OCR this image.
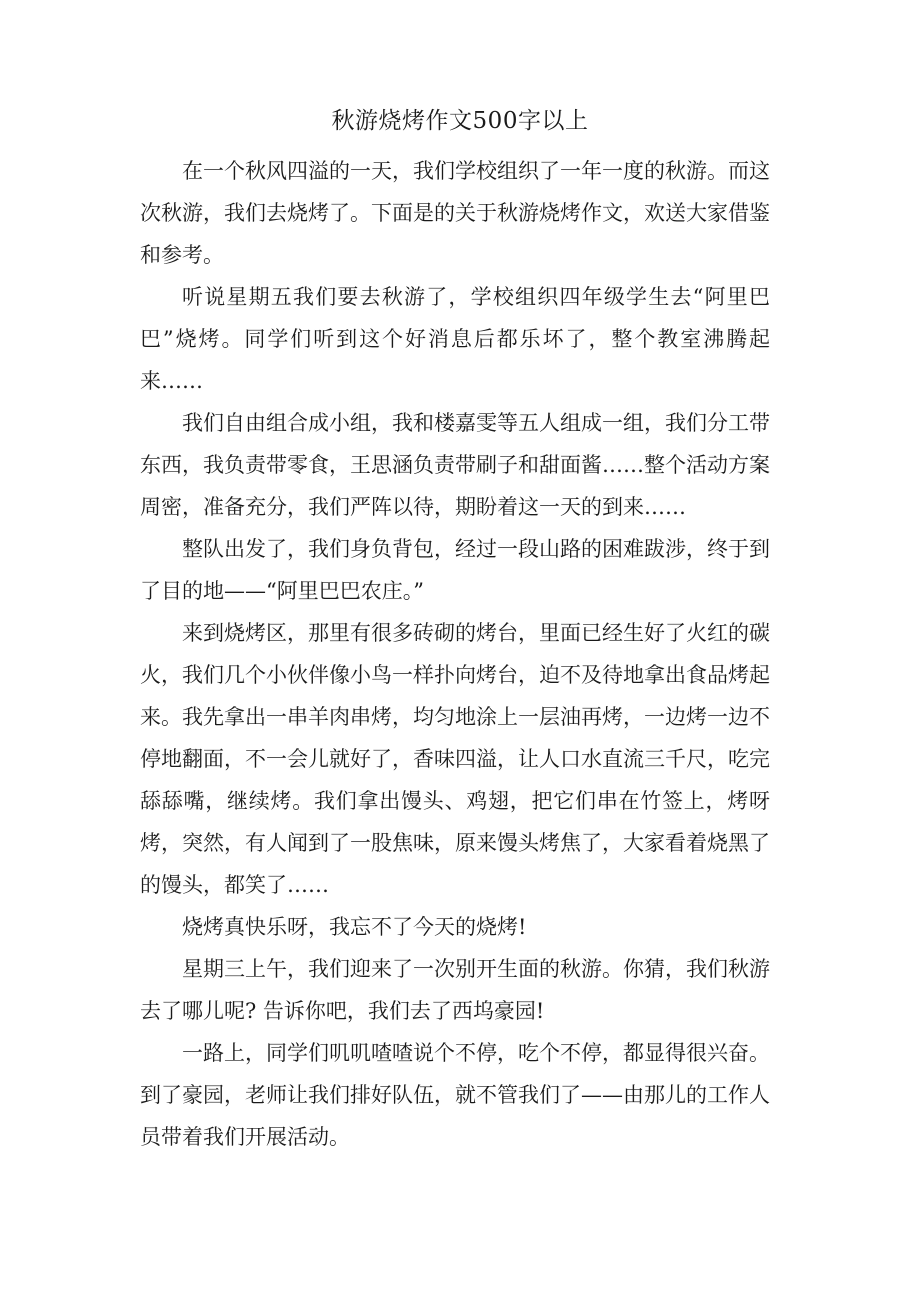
秋游烧烤作文500字以上

在一个秋风四溢的一天，我们学校组织了一年一度的秋游。而这次秋游，我们去烧烤了。下面是的关于秋游烧烤作文，欢送大家借鉴和参考。

听说星期五我们要去秋游了，学校组织四年级学生去“阿里巴巴”烧烤。同学们听到这个好消息后都乐坏了，整个教室沸腾起来……

我们自由组合成小组，我和楼嘉雯等五人组成一组，我们分工带东西，我负责带零食，王思涵负责带刷子和甜面酱……整个活动方案周密，准备充分，我们严阵以待，期盼着这一天的到来……

整队出发了，我们身负背包，经过一段山路的困难跋涉，终于到了目的地——“阿里巴巴农庄。”

来到烧烤区，那里有很多砖砌的烤台，里面已经生好了火红的碳火，我们几个小伙伴像小鸟一样扑向烤台，迫不及待地拿出食品烤起来。我先拿出一串羊肉串烤，均匀地涂上一层油再烤，一边烤一边不停地翻面，不一会儿就好了，香味四溢，让人口水直流三千尺，吃完舔舔嘴，继续烤。我们拿出馒头、鸡翅，把它们串在竹签上，烤呀烤，突然，有人闻到了一股焦味，原来馒头烤焦了，大家看着烧黑了的馒头，都笑了……

烧烤真快乐呀，我忘不了今天的烧烤!

星期三上午，我们迎来了一次别开生面的秋游。你猜，我们秋游去了哪儿呢? 告诉你吧，我们去了西坞豪园!

一路上，同学们叽叽喳喳说个不停，吃个不停，都显得很兴奋。到了豪园，老师让我们排好队伍，就不管我们了——由那儿的工作人员带着我们开展活动。
